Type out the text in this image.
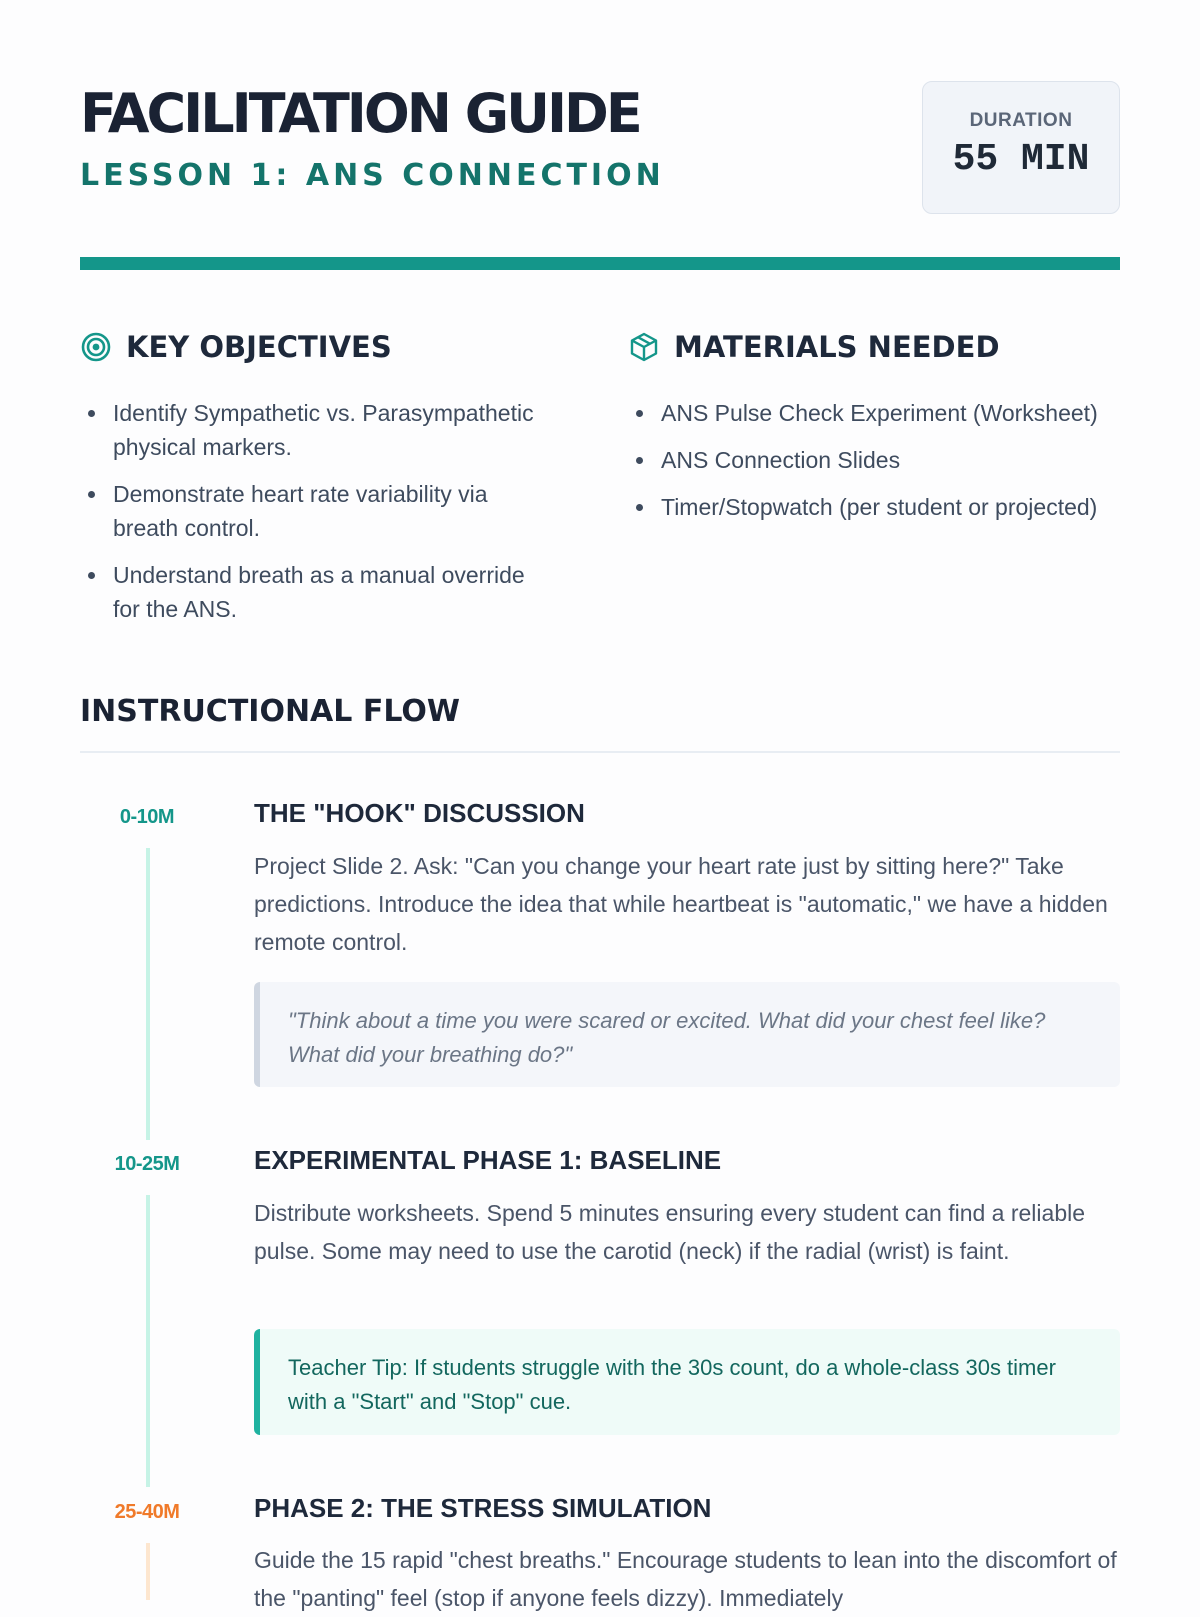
FACILITATION GUIDE
LESSON 1: ANS CONNECTION
DURATION
55 MIN
KEY OBJECTIVES
Identify Sympathetic vs. Parasympathetic physical markers.
Demonstrate heart rate variability via breath control.
Understand breath as a manual override for the ANS.
MATERIALS NEEDED
ANS Pulse Check Experiment (Worksheet)
ANS Connection Slides
Timer/Stopwatch (per student or projected)
INSTRUCTIONAL FLOW
0-10M	THE "HOOK" DISCUSSION

Project Slide 2. Ask: "Can you change your heart rate just by sitting here?" Take predictions. Introduce the idea that while heartbeat is "automatic," we have a hidden remote control.

"Think about a time you were scared or excited. What did your chest feel like? What did your breathing do?"
10-25M	EXPERIMENTAL PHASE 1: BASELINE

Distribute worksheets. Spend 5 minutes ensuring every student can find a reliable pulse. Some may need to use the carotid (neck) if the radial (wrist) is faint.

Teacher Tip: If students struggle with the 30s count, do a whole-class 30s timer with a "Start" and "Stop" cue.
25-40M	PHASE 2: THE STRESS SIMULATION

Guide the 15 rapid "chest breaths." Encourage students to lean into the discomfort of the "panting" feel (stop if anyone feels dizzy). Immediately
